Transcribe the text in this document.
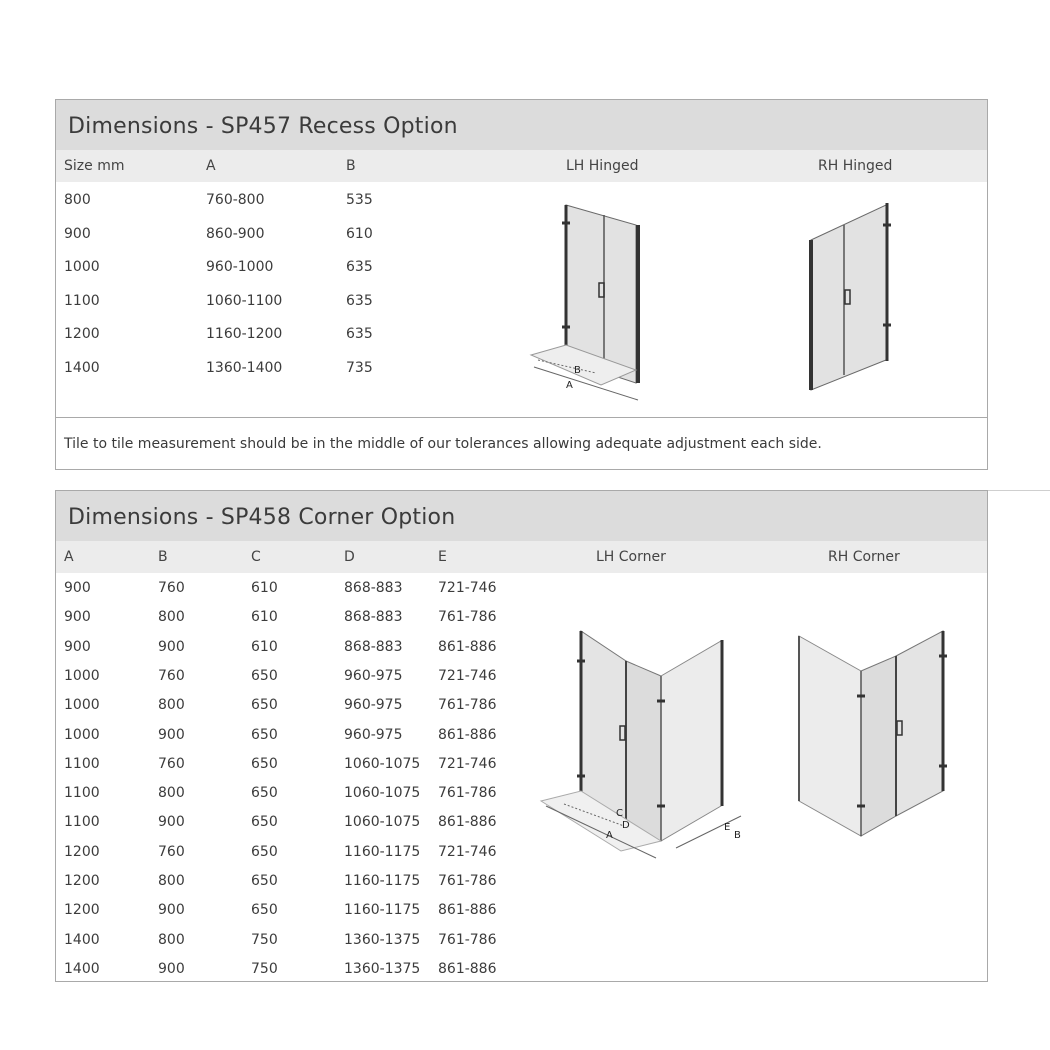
Dimensions - SP457 Recess Option
Size mm	A	B	LH Hinged	RH Hinged
800	760-800	535
900	860-900	610
1000	960-1000	635
1100	1060-1100	635
1200	1160-1200	635
1400	1360-1400	735	B
A
Tile to tile measurement should be in the middle of our tolerances allowing adequate adjustment each side.
Dimensions - SP458 Corner Option
A	B	C	D	E	LH Corner	RH Corner
900	760	610	868-883	721-746
900	800	610	868-883	761-786
900	900	610	868-883	861-886
1000	760	650	960-975	721-746
1000	800	650	960-975	761-786
1000	900	650	960-975	861-886
1100	760	650	1060-1075 721-746
1100	800	650	1060-1075 761-786
1100	900	650	1060-1075 861-886
1200	760	650	1160-1175 721-746
1200	800	650	1160-1175 761-786
1200	900	650	1160-1175 861-886
1400	800	750	1360-1375 761-786
1400	900	750	1360-1375 861-886
C
D
A
E
B
